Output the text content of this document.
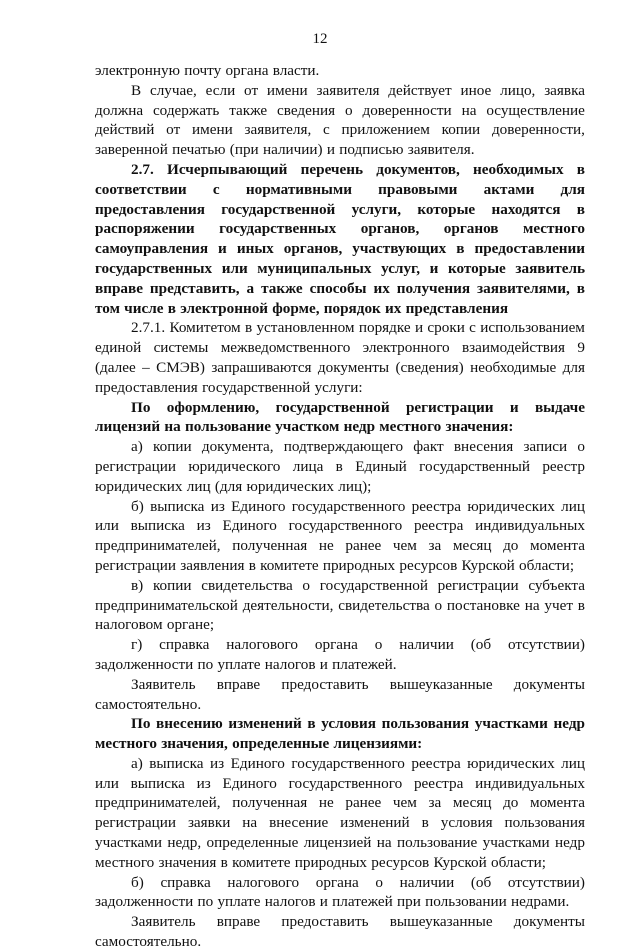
12
электронную почту органа власти.
В случае, если от имени заявителя действует иное лицо, заявка
должна содержать также сведения о доверенности на осуществление
действий от имени заявителя, с приложением копии доверенности,
заверенной печатью (при наличии) и подписью заявителя.
2.7. Исчерпывающий перечень документов, необходимых в
соответствии с нормативными правовыми актами для
предоставления государственной услуги, которые находятся в
распоряжении государственных органов, органов местного
самоуправления и иных органов, участвующих в предоставлении
государственных или муниципальных услуг, и которые заявитель
вправе представить, а также способы их получения заявителями, в
том числе в электронной форме, порядок их представления
2.7.1. Комитетом в установленном порядке и сроки с использованием
единой системы межведомственного электронного взаимодействия 9
(далее – СМЭВ) запрашиваются документы (сведения) необходимые для
предоставления государственной услуги:
По оформлению, государственной регистрации и выдаче
лицензий на пользование участком недр местного значения:
а) копии документа, подтверждающего факт внесения записи о
регистрации юридического лица в Единый государственный реестр
юридических лиц (для юридических лиц);
б) выписка из Единого государственного реестра юридических лиц
или выписка из Единого государственного реестра индивидуальных
предпринимателей, полученная не ранее чем за месяц до момента
регистрации заявления в комитете природных ресурсов Курской области;
в) копии свидетельства о государственной регистрации субъекта
предпринимательской деятельности, свидетельства о постановке на учет в
налоговом органе;
г) справка налогового органа о наличии (об отсутствии)
задолженности по уплате налогов и платежей.
Заявитель вправе предоставить вышеуказанные документы
самостоятельно.
По внесению изменений в условия пользования участками недр
местного значения, определенные лицензиями:
а) выписка из Единого государственного реестра юридических лиц
или выписка из Единого государственного реестра индивидуальных
предпринимателей, полученная не ранее чем за месяц до момента
регистрации заявки на внесение изменений в условия пользования
участками недр, определенные лицензией на пользование участками недр
местного значения в комитете природных ресурсов Курской области;
б) справка налогового органа о наличии (об отсутствии)
задолженности по уплате налогов и платежей при пользовании недрами.
Заявитель вправе предоставить вышеуказанные документы
самостоятельно.
